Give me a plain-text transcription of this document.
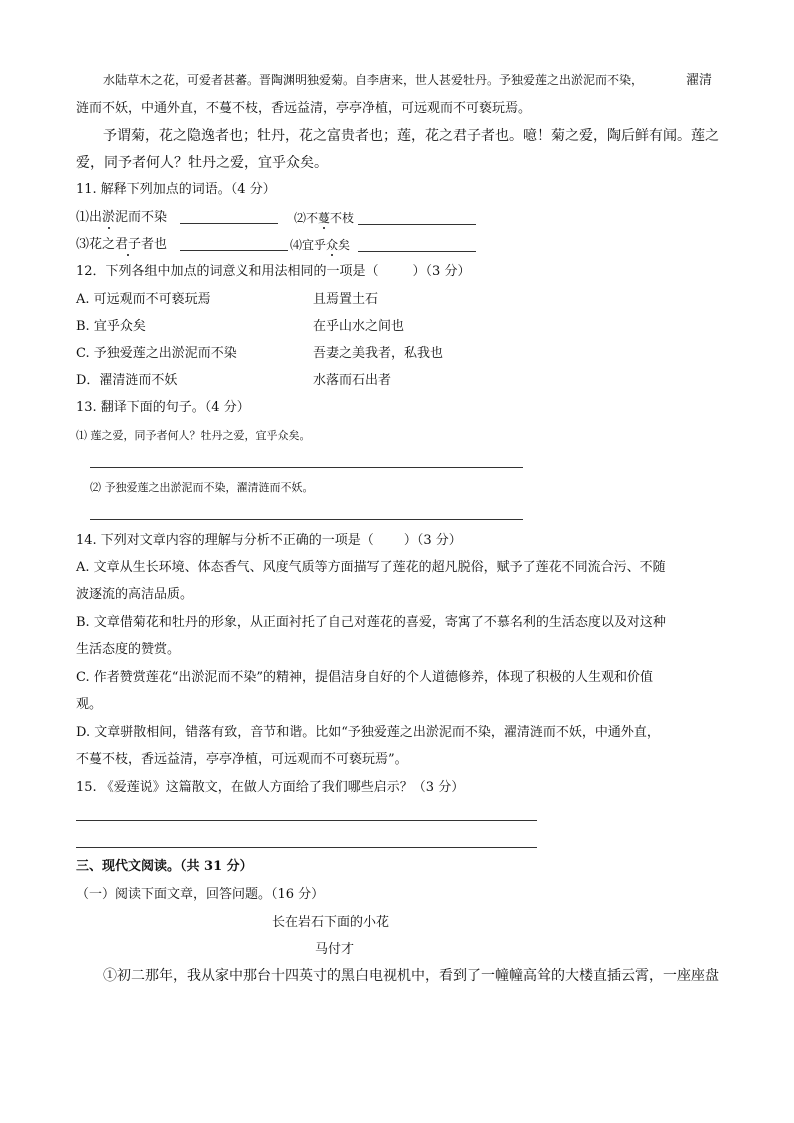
水陆草木之花，可爱者甚蕃。晋陶渊明独爱菊。自李唐来，世人甚爱牡丹。予独爱莲之出淤泥而不染，	濯清
涟而不妖，中通外直，不蔓不枝，香远益清，亭亭净植，可远观而不可亵玩焉。
予谓菊，花之隐逸者也；牡丹，花之富贵者也；莲，花之君子者也。噫！菊之爱，陶后鲜有闻。莲之
爱，同予者何人？牡丹之爱，宜乎众矣。
11. 解释下列加点的词语。（4 分）
⑴出淤泥而不染	⑵不蔓不枝
⑶花之君子者也	⑷宜乎众矣
12．下列各组中加点的词意义和用法相同的一项是（	）（3 分）
A. 可远观而不可亵玩焉	且焉置土石
B. 宜乎众矣	在乎山水之间也
C. 予独爱莲之出淤泥而不染	吾妻之美我者，私我也
D．濯清涟而不妖	水落而石出者
13. 翻译下面的句子。（4 分）
⑴ 莲之爱，同予者何人？牡丹之爱，宜乎众矣。
⑵ 予独爱莲之出淤泥而不染，濯清涟而不妖。
14. 下列对文章内容的理解与分析不正确的一项是（ ）（3 分）
A. 文章从生长环境、体态香气、风度气质等方面描写了莲花的超凡脱俗，赋予了莲花不同流合污、不随
波逐流的高洁品质。
B. 文章借菊花和牡丹的形象，从正面衬托了自己对莲花的喜爱，寄寓了不慕名利的生活态度以及对这种
生活态度的赞赏。
C. 作者赞赏莲花“出淤泥而不染”的精神，提倡洁身自好的个人道德修养，体现了积极的人生观和价值
观。
D. 文章骈散相间，错落有致，音节和谐。比如“予独爱莲之出淤泥而不染，濯清涟而不妖，中通外直，
不蔓不枝，香远益清，亭亭净植，可远观而不可亵玩焉”。
15. 《爱莲说》这篇散文，在做人方面给了我们哪些启示？（3 分）
三、现代文阅读。（共 31 分）
（一）阅读下面文章，回答问题。（16 分）
长在岩石下面的小花
马付才
①初二那年，我从家中那台十四英寸的黑白电视机中，看到了一幢幢高耸的大楼直插云霄，一座座盘
